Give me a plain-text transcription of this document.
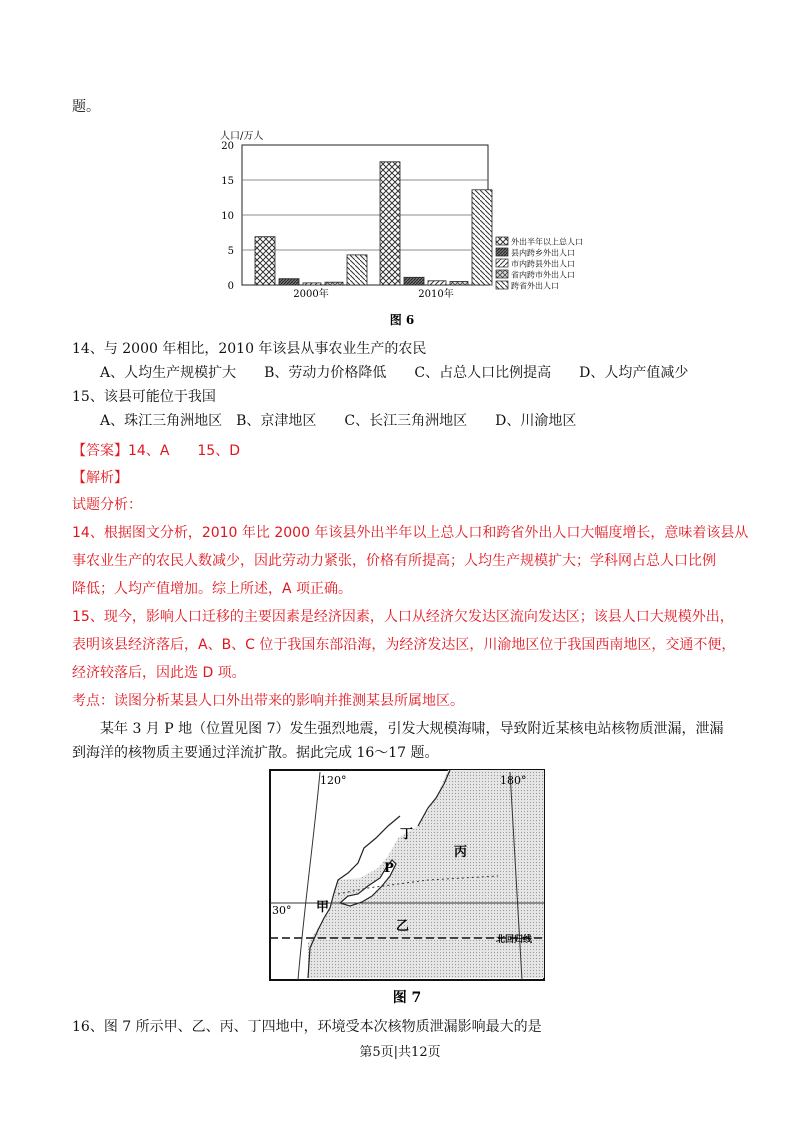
题。
人口/万人
0
5
10
15
20
2000年	2010年
外出半年以上总人口
县内跨乡外出人口
市内跨县外出人口
省内跨市外出人口
跨省外出人口
图 6
14、与 2000 年相比，2010 年该县从事农业生产的农民
A、人均生产规模扩大　　B、劳动力价格降低　　C、占总人口比例提高　　D、人均产值减少
15、该县可能位于我国
A、珠江三角洲地区　B、京津地区　　C、长江三角洲地区　　D、川渝地区
【答案】14、A　　15、D
【解析】
试题分析：
14、根据图文分析，2010 年比 2000 年该县外出半年以上总人口和跨省外出人口大幅度增长，意味着该县从
事农业生产的农民人数减少，因此劳动力紧张，价格有所提高；人均生产规模扩大；学科网占总人口比例
降低；人均产值增加。综上所述，A 项正确。
15、现今，影响人口迁移的主要因素是经济因素，人口从经济欠发达区流向发达区；该县人口大规模外出，
表明该县经济落后，A、B、C 位于我国东部沿海，为经济发达区，川渝地区位于我国西南地区，交通不便，
经济较落后，因此选 D 项。
考点：读图分析某县人口外出带来的影响并推测某县所属地区。
某年 3 月 P 地（位置见图 7）发生强烈地震，引发大规模海啸，导致附近某核电站核物质泄漏，泄漏
到海洋的核物质主要通过洋流扩散。据此完成 16～17 题。
120°	180°
30°
丁
P
丙
甲
乙
北回归线
图 7
16、图 7 所示甲、乙、丙、丁四地中，环境受本次核物质泄漏影响最大的是
第5页|共12页
